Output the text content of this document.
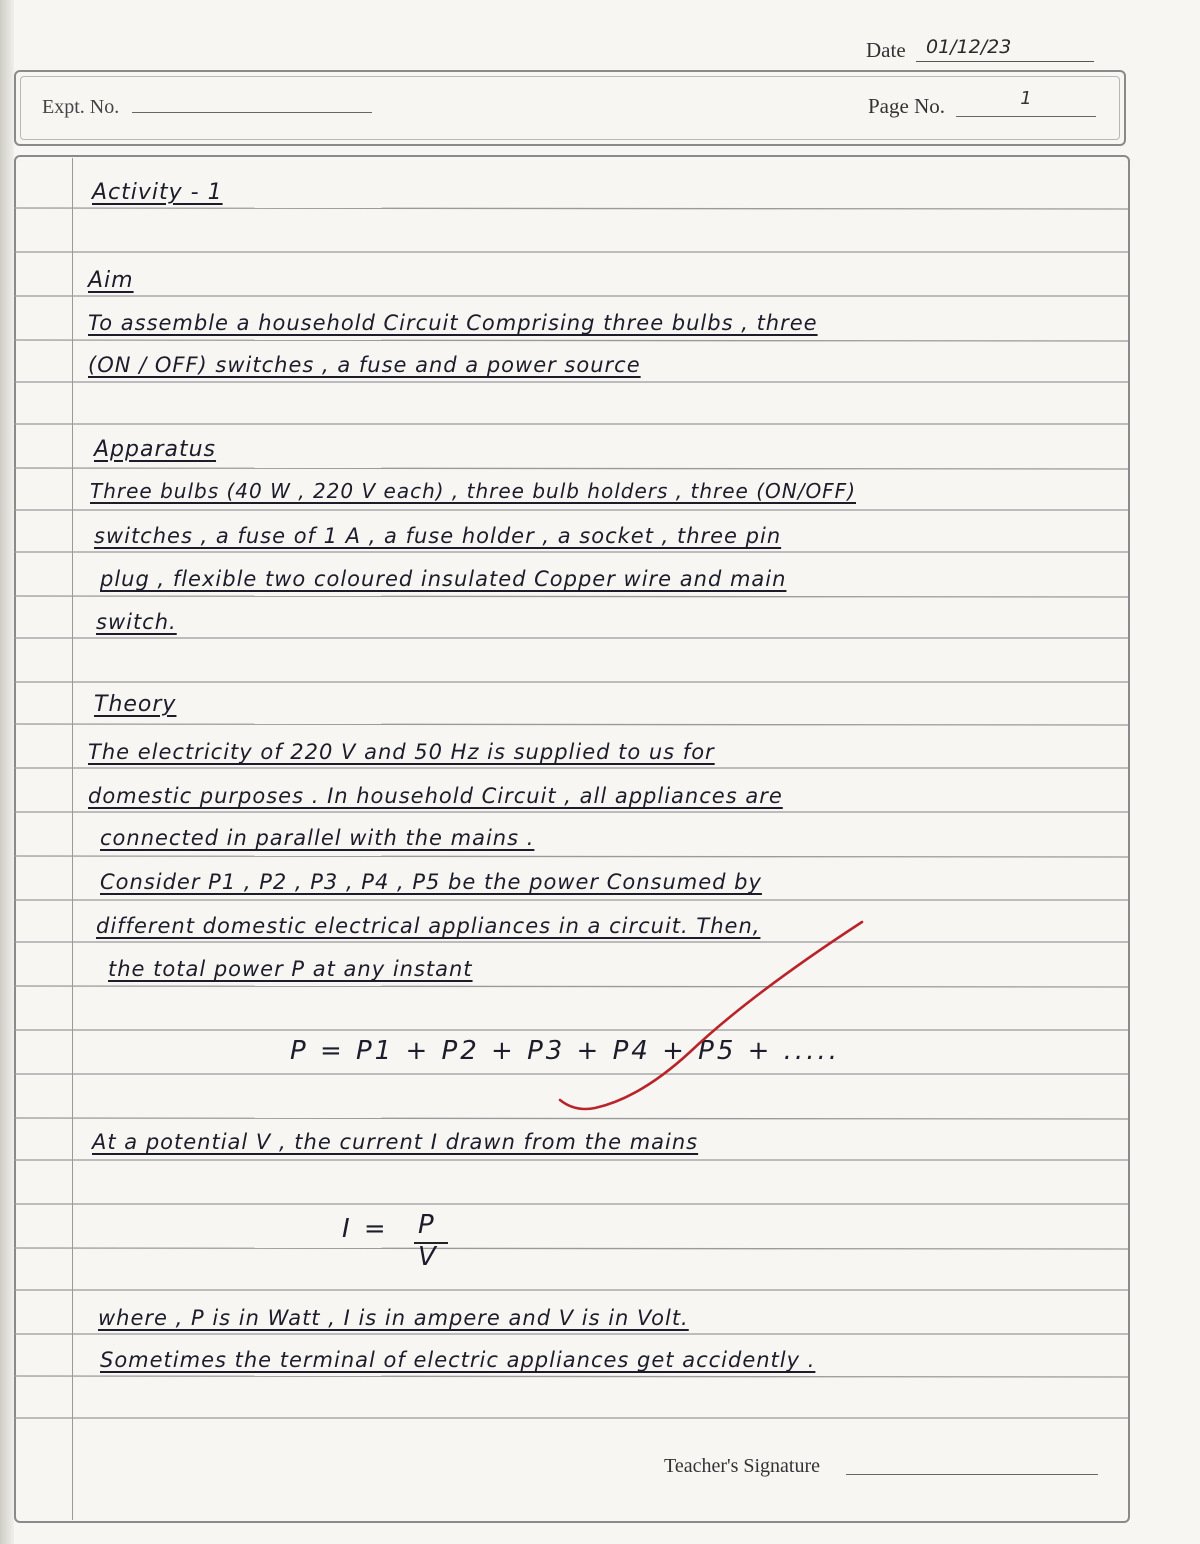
Date	01/12/23
Expt. No.	Page No.	1
Activity - 1
Aim
To assemble a household Circuit Comprising three bulbs , three
(ON / OFF) switches , a fuse and a power source
Apparatus
Three bulbs (40 W , 220 V each) , three bulb holders , three (ON/OFF)
switches , a fuse of 1 A , a fuse holder , a socket , three pin
plug , flexible two coloured insulated Copper wire and main
switch.
Theory
The electricity of 220 V and 50 Hz is supplied to us for
domestic purposes . In household Circuit , all appliances are
connected in parallel with the mains .
Consider P1 , P2 , P3 , P4 , P5 be the power Consumed by
different domestic electrical appliances in a circuit. Then,
the total power P at any instant
P = P1 + P2 + P3 + P4 + P5 + .....
At a potential V , the current I drawn from the mains
I = P
V
where , P is in Watt , I is in ampere and V is in Volt.
Sometimes the terminal of electric appliances get accidently .
Teacher's Signature
